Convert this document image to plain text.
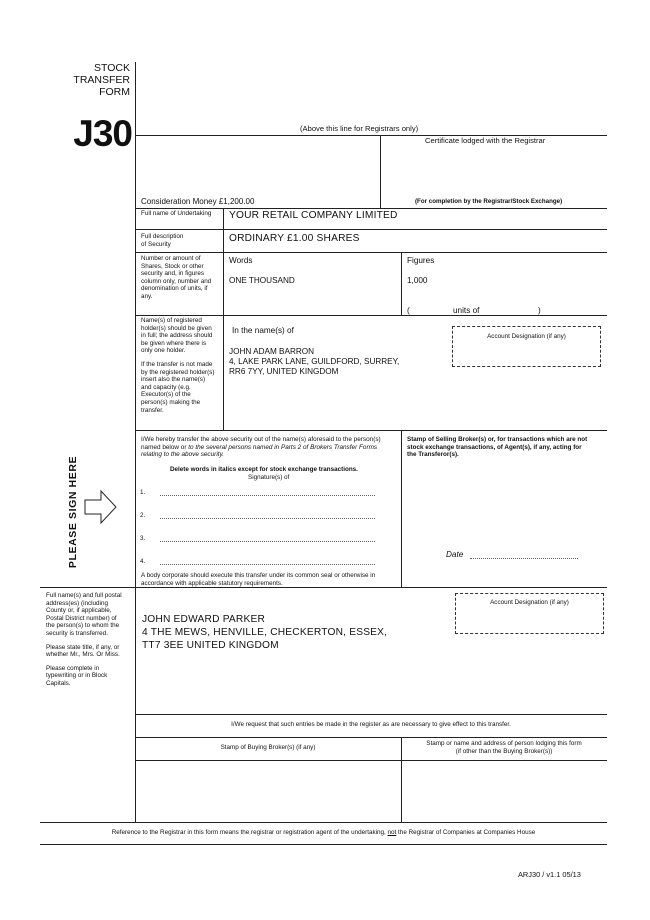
STOCK
TRANSFER
FORM
J30	(Above this line for Registrars only)
Certificate lodged with the Registrar
Consideration Money £1,200.00	(For completion by the Registrar/Stock Exchange)
Full name of Undertaking YOUR RETAIL COMPANY LIMITED
Full description
of Security
ORDINARY £1.00 SHARES
Number or amount of
Shares, Stock or other
security and, in figures
column only, number and
denomination of units, if
any.
Words
ONE THOUSAND
Figures
1,000
(	units of	)
Name(s) of registered
holder(s) should be given
in full; the address should
be given where there is
only one holder.
If the transfer is not made
by the registered holder(s)
insert also the name(s)
and capacity (e.g.
Executor(s) of the
person(s) making the
transfer.
In the name(s) of
JOHN ADAM BARRON
4, LAKE PARK LANE, GUILDFORD, SURREY,
RR6 7YY, UNITED KINGDOM
Account Designation (if any)
PLEASE SIGN HERE
I/We hereby transfer the above security out of the name(s) aforesaid to the person(s)
named below or to the several persons named in Parts 2 of Brokers Transfer Forms
relating to the above security.
Delete words in italics except for stock exchange transactions.
Signature(s) of
1.
2.
3.
4.
A body corporate should execute this transfer under its common seal or otherwise in
accordance with applicable statutory requirements.
Stamp of Selling Broker(s) or, for transactions which are not
stock exchange transactions, of Agent(s), if any, acting for
the Transferor(s).
Date
Full name(s) and full postal
address(es) (including
County or, if applicable,
Postal District number) of
the person(s) to whom the
security is transferred.
Please state title, if any, or
whether Mr., Mrs. Or Miss.
Please complete in
typewriting or in Block
Capitals.
JOHN EDWARD PARKER
4 THE MEWS, HENVILLE, CHECKERTON, ESSEX,
TT7 3EE UNITED KINGDOM
Account Designation (if any)
I/We request that such entries be made in the register as are necessary to give effect to this transfer.
Stamp of Buying Broker(s) (if any)
Stamp or name and address of person lodging this form
(if other than the Buying Broker(s))
Reference to the Registrar in this form means the registrar or registration agent of the undertaking, not the Registrar of Companies at Companies House
ARJ30 / v1.1 05/13
